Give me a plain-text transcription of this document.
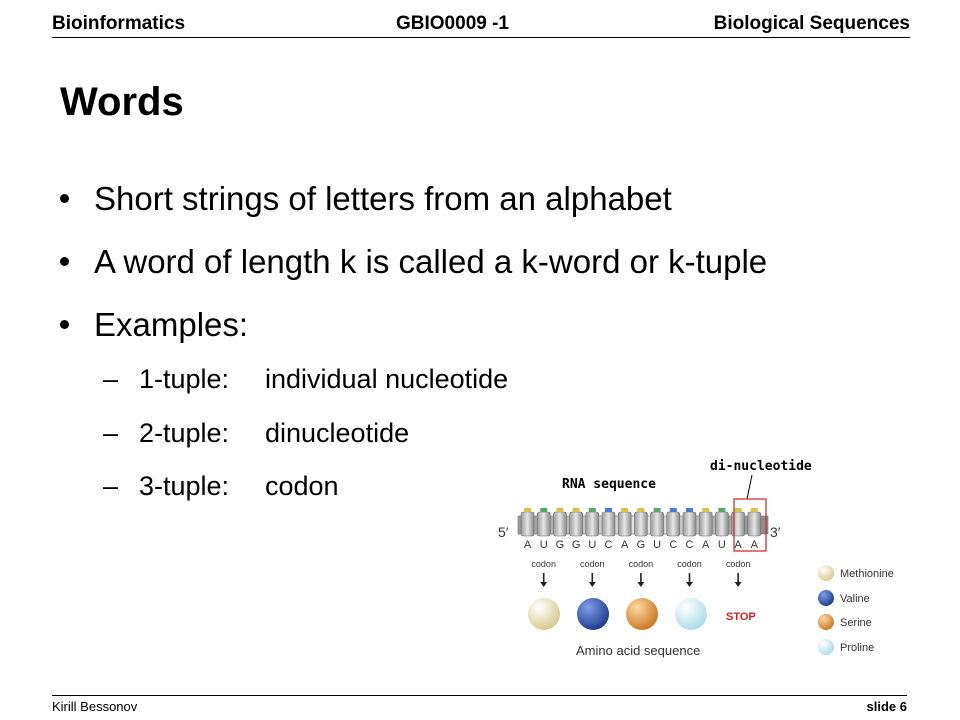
Bioinformatics	GBIO0009 -1	Biological Sequences
Words
Short strings of letters from an alphabet
A word of length k is called a k-word or k-tuple
Examples:
– 1-tuple: individual nucleotide
– 2-tuple: dinucleotide
– 3-tuple: codon	RNA sequence
di-nucleotide
5′	3′
A U G G U C A G U C C A U A A
codon	codon	codon	codon	codon
STOP
Amino acid sequence
Methionine
Valine
Serine
Proline
Kirill Bessonov	slide 6
